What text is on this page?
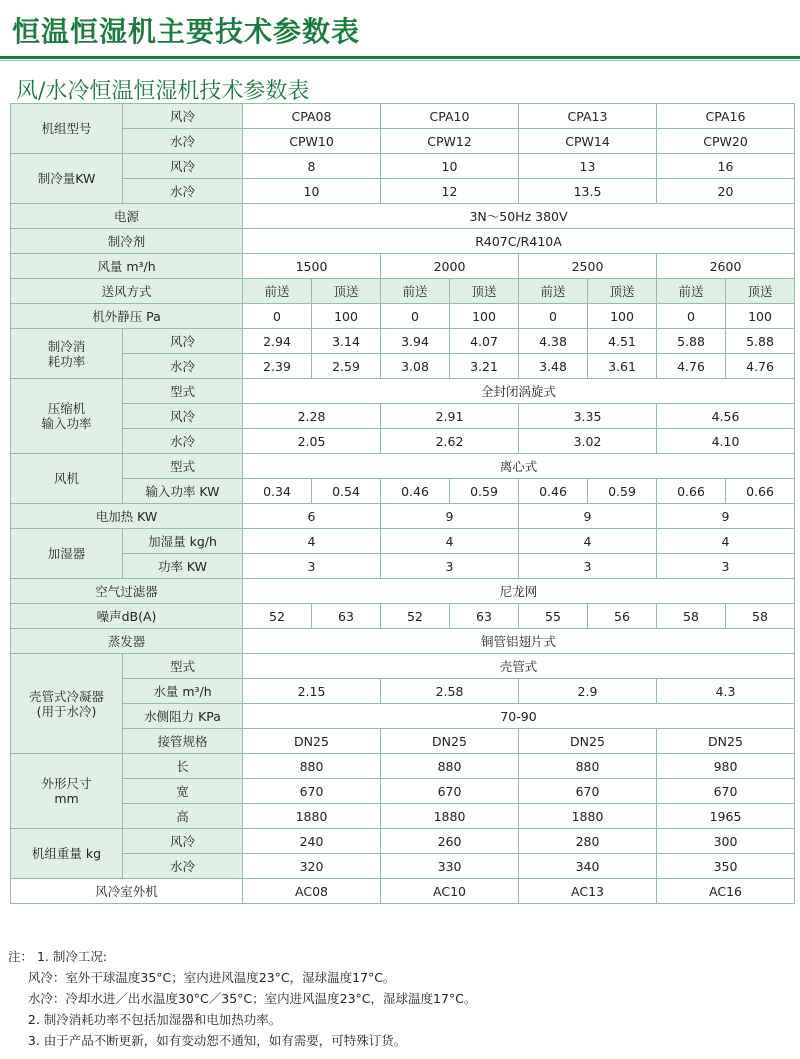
恒温恒湿机主要技术参数表
风/水冷恒温恒湿机技术参数表
机组型号	风冷	CPA08		CPA10		CPA13		CPA16	
	水冷	CPW10		CPW12		CPW14		CPW20	
制冷量KW	风冷	8		10		13		16	
	水冷	10		12		13.5		20	
电源		3N～50Hz 380V							
制冷剂		R407C/R410A							
风量 m³/h		1500		2000		2500		2600	
送风方式		前送	顶送	前送	顶送	前送	顶送	前送	顶送
机外静压 Pa		0	100	0	100	0	100	0	100
制冷消
耗功率	风冷	2.94	3.14	3.94	4.07	4.38	4.51	5.88	5.88
	水冷	2.39	2.59	3.08	3.21	3.48	3.61	4.76	4.76
压缩机
输入功率	型式	全封闭涡旋式							
	风冷	2.28		2.91		3.35		4.56	
	水冷	2.05		2.62		3.02		4.10	
风机	型式	离心式							
	输入功率 KW	0.34	0.54	0.46	0.59	0.46	0.59	0.66	0.66
电加热 KW		6		9		9		9	
加湿器	加湿量 kg/h	4		4		4		4	
	功率 KW	3		3		3		3	
空气过滤器		尼龙网							
噪声dB(A)		52	63	52	63	55	56	58	58
蒸发器		铜管铝翅片式							
壳管式冷凝器
(用于水冷)	型式	壳管式							
	水量 m³/h	2.15		2.58		2.9		4.3	
	水侧阻力 KPa	70-90							
	接管规格	DN25		DN25		DN25		DN25	
外形尺寸
mm	长	880		880		880		980	
	宽	670		670		670		670	
	高	1880		1880		1880		1965	
机组重量 kg	风冷	240		260		280		300	
	水冷	320		330		340		350	
风冷室外机		AC08		AC10		AC13		AC16	
注： 1. 制冷工况:
风冷：室外干球温度35°C；室内进风温度23°C，湿球温度17°C。
水冷：冷却水进／出水温度30°C／35°C；室内进风温度23°C，湿球温度17°C。
2. 制冷消耗功率不包括加湿器和电加热功率。
3. 由于产品不断更新，如有变动恕不通知，如有需要，可特殊订货。
